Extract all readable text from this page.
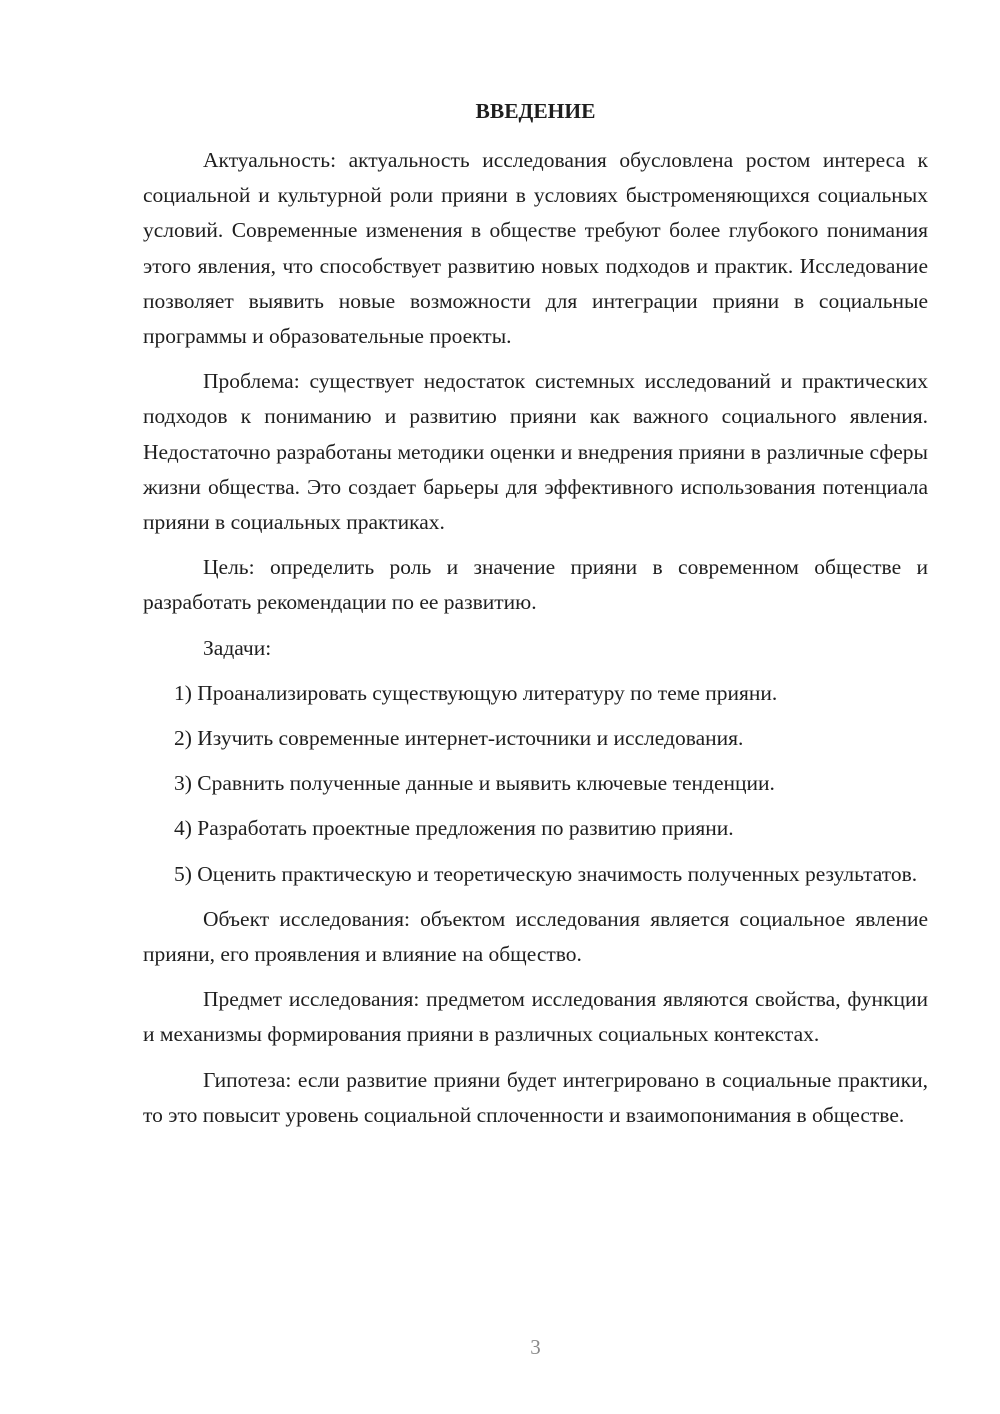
ВВЕДЕНИЕ

Актуальность: актуальность исследования обусловлена ростом интереса к социальной и культурной роли прияни в условиях быстроменяющихся социальных условий. Современные изменения в обществе требуют более глубокого понимания этого явления, что способствует развитию новых подходов и практик. Исследование позволяет выявить новые возможности для интеграции прияни в социальные программы и образовательные проекты.

Проблема: существует недостаток системных исследований и практических подходов к пониманию и развитию прияни как важного социального явления. Недостаточно разработаны методики оценки и внедрения прияни в различные сферы жизни общества. Это создает барьеры для эффективного использования потенциала прияни в социальных практиках.

Цель: определить роль и значение прияни в современном обществе и разработать рекомендации по ее развитию.

Задачи:

1) Проанализировать существующую литературу по теме прияни.

2) Изучить современные интернет-источники и исследования.

3) Сравнить полученные данные и выявить ключевые тенденции.

4) Разработать проектные предложения по развитию прияни.

5) Оценить практическую и теоретическую значимость полученных результатов.

Объект исследования: объектом исследования является социальное явление прияни, его проявления и влияние на общество.

Предмет исследования: предметом исследования являются свойства, функции и механизмы формирования прияни в различных социальных контекстах.

Гипотеза: если развитие прияни будет интегрировано в социальные практики, то это повысит уровень социальной сплоченности и взаимопонимания в обществе.

3
